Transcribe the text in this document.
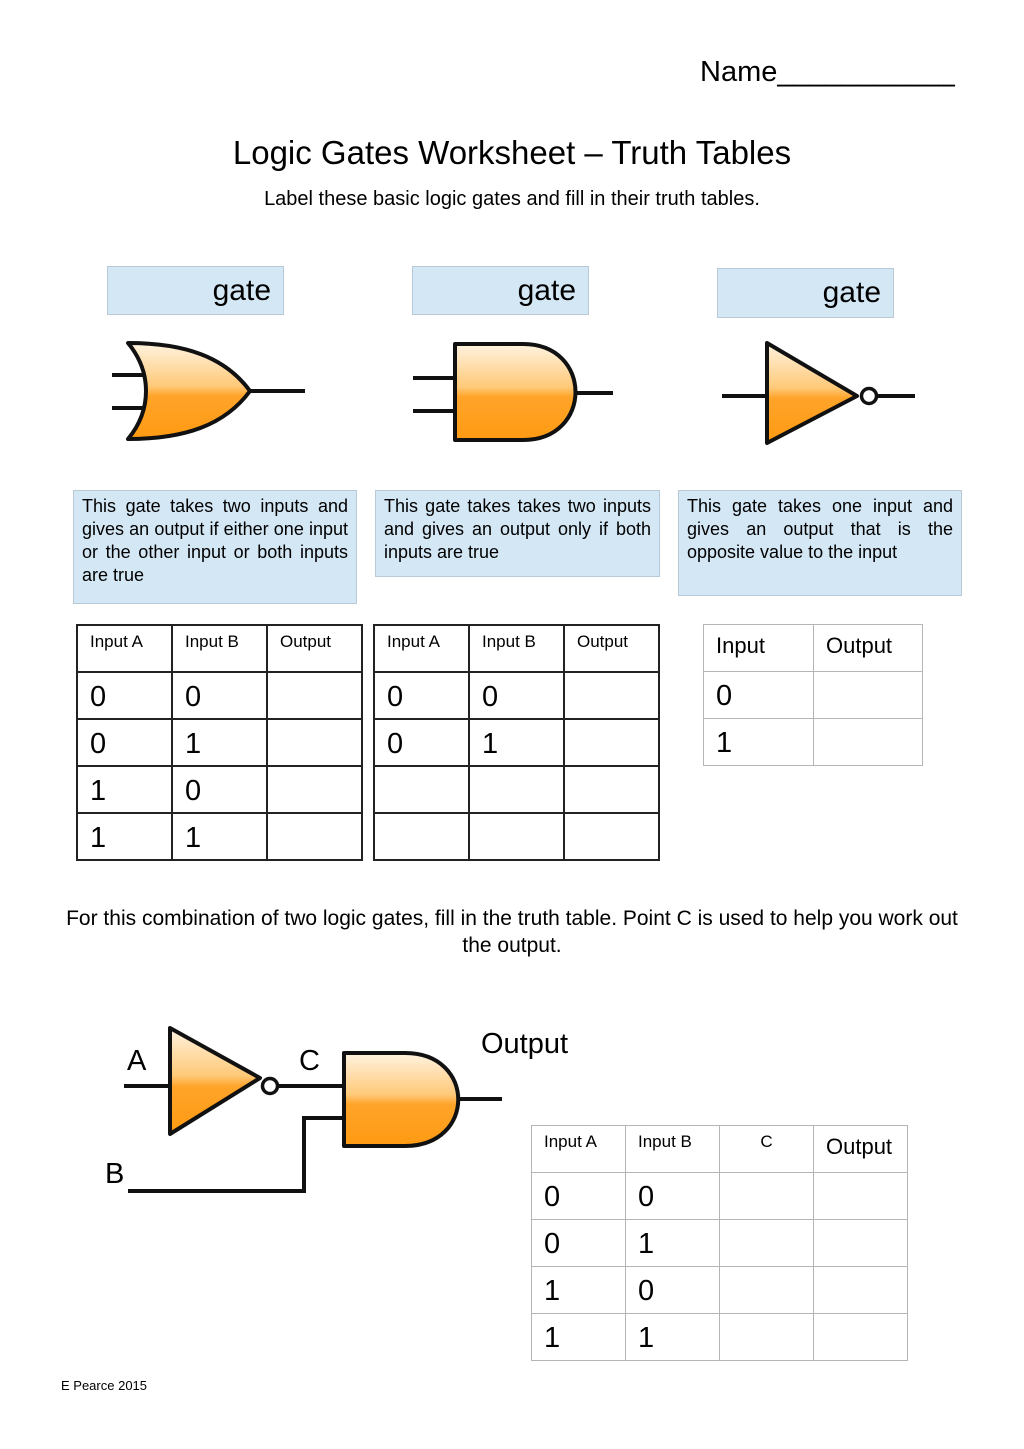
Name___________
Logic Gates Worksheet – Truth Tables
Label these basic logic gates and fill in their truth tables.
gate	gate	gate
This gate takes two inputs and gives an output if either one input or the other input or both inputs are true
This gate takes takes two inputs and gives an output only if both inputs are true
This gate takes one input and gives an output that is the opposite value to the input
Input A	Input B	Output
0	0	
0	1	
1	0	
1	1	
Input A	Input B	Output
0	0	
0	1	

Input	Output
0	
1	
For this combination of two logic gates, fill in the truth table. Point C is used to help you work out the output.
A	C
B
Output
Input A	Input B	C	Output
0	0		
0	1		
1	0		
1	1		
E Pearce 2015
